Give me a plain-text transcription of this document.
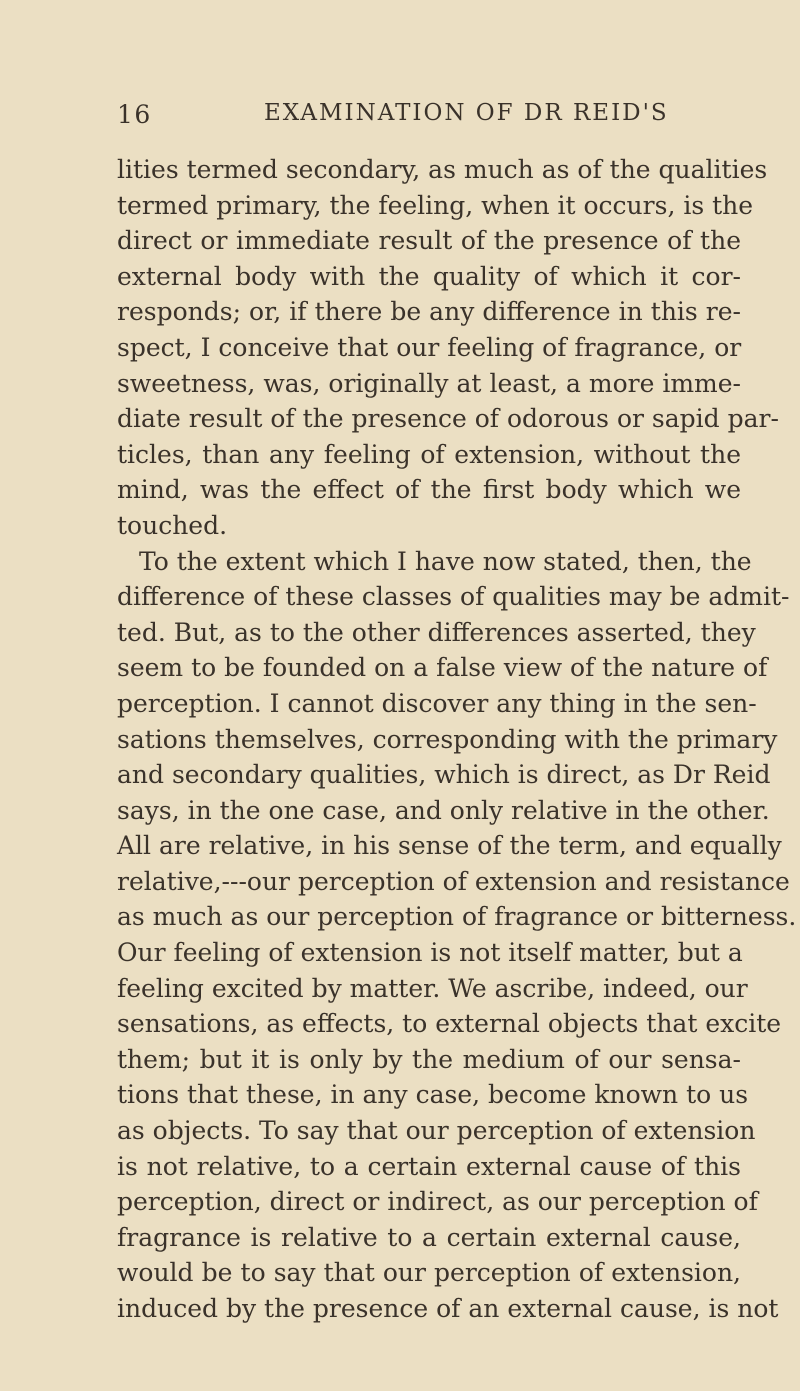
16	EXAMINATION OF DR REID'S
lities termed secondary, as much as of the qualities
termed primary, the feeling, when it occurs, is the
direct or immediate result of the presence of the
external body with the quality of which it cor-
responds; or, if there be any difference in this re-
spect, I conceive that our feeling of fragrance, or
sweetness, was, originally at least, a more imme-
diate result of the presence of odorous or sapid par-
ticles, than any feeling of extension, without the
mind, was the effect of the first body which we
touched.
To the extent which I have now stated, then, the
difference of these classes of qualities may be admit-
ted. But, as to the other differences asserted, they
seem to be founded on a false view of the nature of
perception. I cannot discover any thing in the sen-
sations themselves, corresponding with the primary
and secondary qualities, which is direct, as Dr Reid
says, in the one case, and only relative in the other.
All are relative, in his sense of the term, and equally
relative,---our perception of extension and resistance
as much as our perception of fragrance or bitterness.
Our feeling of extension is not itself matter, but a
feeling excited by matter. We ascribe, indeed, our
sensations, as effects, to external objects that excite
them; but it is only by the medium of our sensa-
tions that these, in any case, become known to us
as objects. To say that our perception of extension
is not relative, to a certain external cause of this
perception, direct or indirect, as our perception of
fragrance is relative to a certain external cause,
would be to say that our perception of extension,
induced by the presence of an external cause, is not
